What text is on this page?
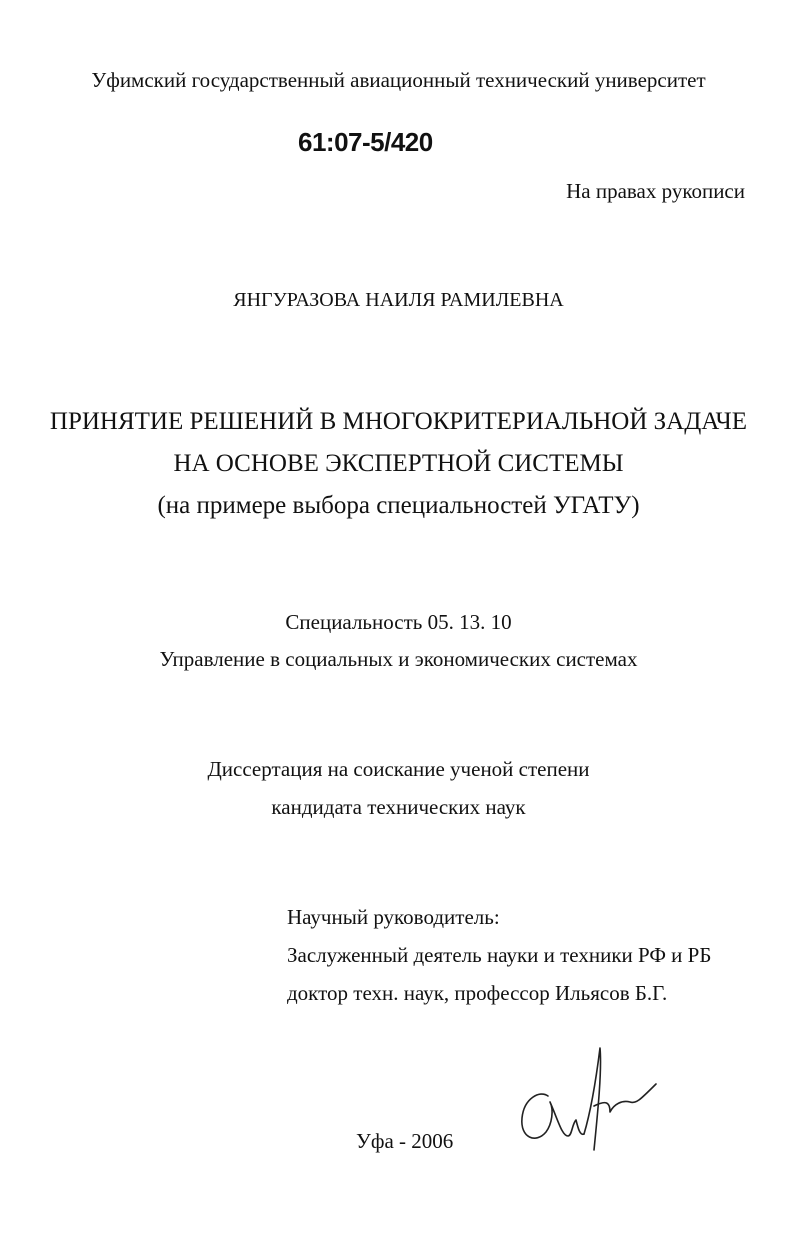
Уфимский государственный авиационный технический университет
61:07-5/420
На правах рукописи
ЯНГУРАЗОВА НАИЛЯ РАМИЛЕВНА
ПРИНЯТИЕ РЕШЕНИЙ В МНОГОКРИТЕРИАЛЬНОЙ ЗАДАЧЕ
НА ОСНОВЕ ЭКСПЕРТНОЙ СИСТЕМЫ
(на примере выбора специальностей УГАТУ)
Специальность 05. 13. 10
Управление в социальных и экономических системах
Диссертация на соискание ученой степени
кандидата технических наук
Научный руководитель:
Заслуженный деятель науки и техники РФ и РБ
доктор техн. наук, профессор Ильясов Б.Г.
Уфа - 2006
